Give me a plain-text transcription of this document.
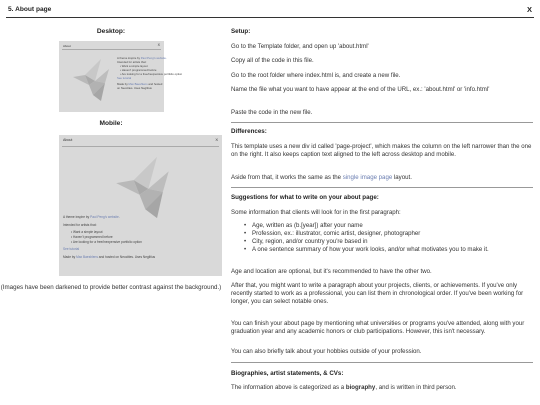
5. About page	X
Desktop:
About	X
A theme inspire by Paul Peng's website.
Intended for artists that:
• Want a simple layout
• Haven't programmed before
• Are looking for a free/inexpensive portfolio option
See tutorial
Made by Max Baeshlens and hosted on Neocities. Uses Neglitius
Mobile:
About	X
A theme inspire by Paul Peng's website.
Intended for artists that:
• Want a simple layout
• Haven't programmed before
• Are looking for a free/inexpensive portfolio option
See tutorial
Made by Max Baeshlens and hosted on Neocities. Uses Neglitius
(Images have been darkened to provide better contrast against the background.)
Setup:
Go to the Template folder, and open up 'about.html'
Copy all of the code in this file.
Go to the root folder where index.html is, and create a new file.
Name the file what you want to have appear at the end of the URL, ex.: 'about.html' or 'info.html'
Paste the code in the new file.
Differences:
This template uses a new div id called 'page-project', which makes the column on the left narrower than the one on the right. It also keeps caption text aligned to the left across desktop and mobile.
Aside from that, it works the same as the single image page layout.
Suggestions for what to write on your about page:
Some information that clients will look for in the first paragraph:
• Age, written as (b.[year]) after your name
• Profession, ex.: illustrator, comic artist, designer, photographer
• City, region, and/or country you're based in
• A one sentence summary of how your work looks, and/or what motivates you to make it.
Age and location are optional, but it's recommended to have the other two.
After that, you might want to write a paragraph about your projects, clients, or achievements. If you've only recently started to work as a professional, you can list them in chronological order. If you've been working for longer, you can select notable ones.
You can finish your about page by mentioning what universities or programs you've attended, along with your graduation year and any academic honors or club participations. However, this isn't necessary.
You can also briefly talk about your hobbies outside of your profession.
Biographies, artist statements, & CVs:
The information above is categorized as a biography, and is written in third person.
